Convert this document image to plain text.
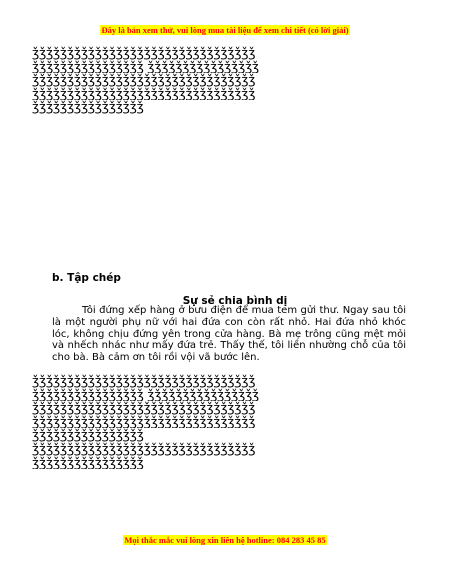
Đây là bản xem thử, vui lòng mua tài liệu để xem chi tiết (có lời giải)
ǯǯǯǯǯǯǯǯǯǯǯǯǯǯǯǯǯǯǯǯǯǯǯǯǯǯǯǯǯǯǯǯ
ǯǯǯǯǯǯǯǯǯǯǯǯǯǯǯǯ ǯǯǯǯǯǯǯǯǯǯǯǯǯǯǯǯ
ǯǯǯǯǯǯǯǯǯǯǯǯǯǯǯǯǯǯǯǯǯǯǯǯǯǯǯǯǯǯǯǯ
ǯǯǯǯǯǯǯǯǯǯǯǯǯǯǯǯǯǯǯǯǯǯǯǯǯǯǯǯǯǯǯǯ
ǯǯǯǯǯǯǯǯǯǯǯǯǯǯǯǯ
b. Tập chép
Sự sẻ chia bình dị
Tôi đứng xếp hàng ở bưu điện để mua tem gửi thư. Ngay sau tôi là một người phụ nữ với hai đứa con còn rất nhỏ. Hai đứa nhỏ khóc lóc, không chịu đứng yên trong cửa hàng. Bà mẹ trông cũng mệt mỏi và nhếch nhác như mấy đứa trẻ. Thấy thế, tôi liền nhường chỗ của tôi cho bà. Bà cảm ơn tôi rồi vội vã bước lên.
ǯǯǯǯǯǯǯǯǯǯǯǯǯǯǯǯǯǯǯǯǯǯǯǯǯǯǯǯǯǯǯǯ
ǯǯǯǯǯǯǯǯǯǯǯǯǯǯǯǯ ǯǯǯǯǯǯǯǯǯǯǯǯǯǯǯǯ
ǯǯǯǯǯǯǯǯǯǯǯǯǯǯǯǯǯǯǯǯǯǯǯǯǯǯǯǯǯǯǯǯ
ǯǯǯǯǯǯǯǯǯǯǯǯǯǯǯǯǯǯǯǯǯǯǯǯǯǯǯǯǯǯǯǯ
ǯǯǯǯǯǯǯǯǯǯǯǯǯǯǯǯ
ǯǯǯǯǯǯǯǯǯǯǯǯǯǯǯǯǯǯǯǯǯǯǯǯǯǯǯǯǯǯǯǯ
ǯǯǯǯǯǯǯǯǯǯǯǯǯǯǯǯ
Mọi thắc mắc vui lòng xin liên hệ hotline: 084 283 45 85
